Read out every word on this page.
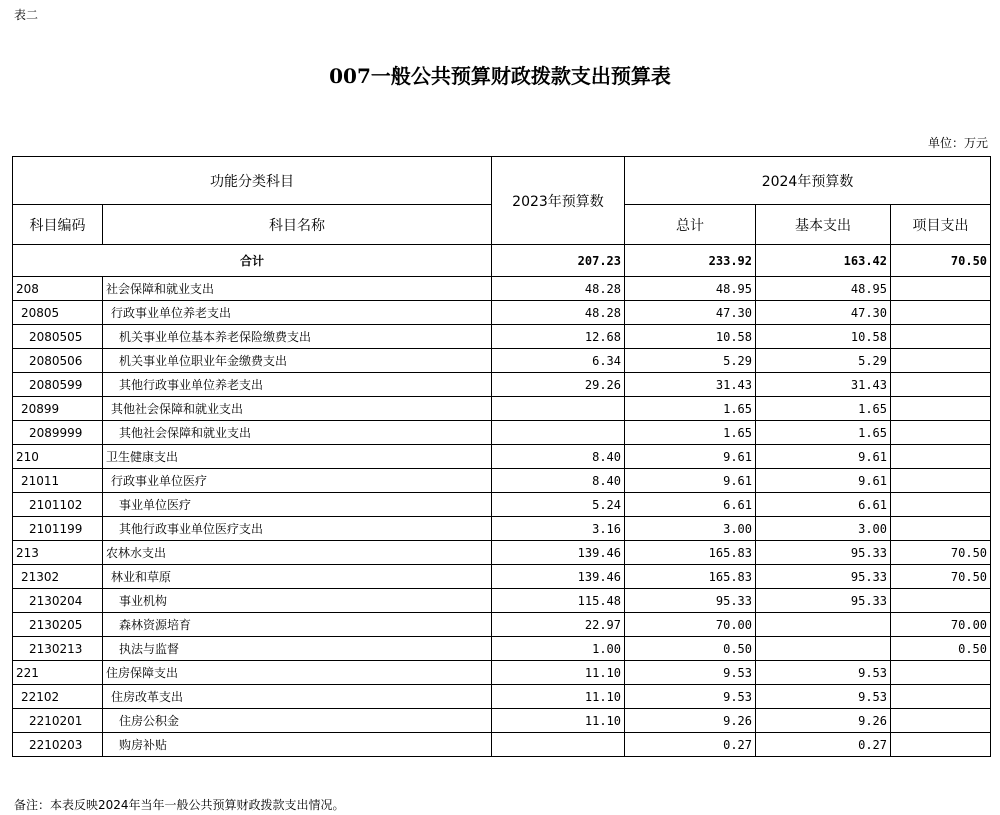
表二
007一般公共预算财政拨款支出预算表
单位：万元
功能分类科目		2023年预算数	2024年预算数		
科目编码	科目名称		总计	基本支出	项目支出
合计		207.23	233.92	163.42	70.50
208	社会保障和就业支出	48.28	48.95	48.95	
20805	行政事业单位养老支出	48.28	47.30	47.30	
2080505	机关事业单位基本养老保险缴费支出	12.68	10.58	10.58	
2080506	机关事业单位职业年金缴费支出	6.34	5.29	5.29	
2080599	其他行政事业单位养老支出	29.26	31.43	31.43	
20899	其他社会保障和就业支出		1.65	1.65	
2089999	其他社会保障和就业支出		1.65	1.65	
210	卫生健康支出	8.40	9.61	9.61	
21011	行政事业单位医疗	8.40	9.61	9.61	
2101102	事业单位医疗	5.24	6.61	6.61	
2101199	其他行政事业单位医疗支出	3.16	3.00	3.00	
213	农林水支出	139.46	165.83	95.33	70.50
21302	林业和草原	139.46	165.83	95.33	70.50
2130204	事业机构	115.48	95.33	95.33	
2130205	森林资源培育	22.97	70.00		70.00
2130213	执法与监督	1.00	0.50		0.50
221	住房保障支出	11.10	9.53	9.53	
22102	住房改革支出	11.10	9.53	9.53	
2210201	住房公积金	11.10	9.26	9.26	
2210203	购房补贴		0.27	0.27	
备注：本表反映2024年当年一般公共预算财政拨款支出情况。
